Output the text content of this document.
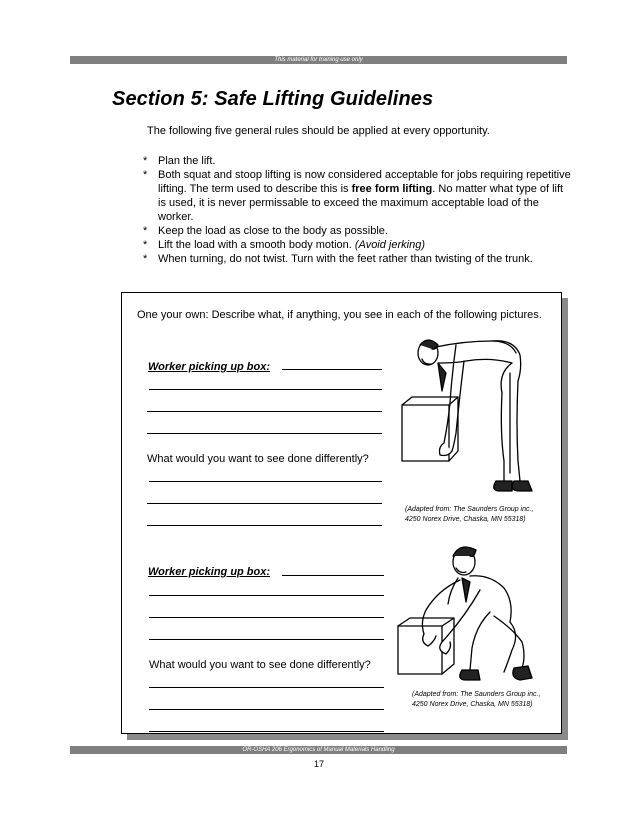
This material for training use only
Section 5: Safe Lifting Guidelines

The following five general rules should be applied at every opportunity.

* Plan the lift.
* Both squat and stoop lifting is now considered acceptable for jobs requiring repetitive lifting. The term used to describe this is free form lifting. No matter what type of lift is used, it is never permissable to exceed the maximum acceptable load of the worker.
* Keep the load as close to the body as possible.
* Lift the load with a smooth body motion. (Avoid jerking)
* When turning, do not twist. Turn with the feet rather than twisting of the trunk.

One your own: Describe what, if anything, you see in each of the following pictures.

Worker picking up box:
What would you want to see done differently?
(Adapted from: The Saunders Group inc.,
4250 Norex Drive, Chaska, MN 55318)
Worker picking up box:
What would you want to see done differently?
(Adapted from: The Saunders Group inc.,
4250 Norex Drive, Chaska, MN 55318)
OR-OSHA 206 Ergonomics of Manual Materials Handling
17
